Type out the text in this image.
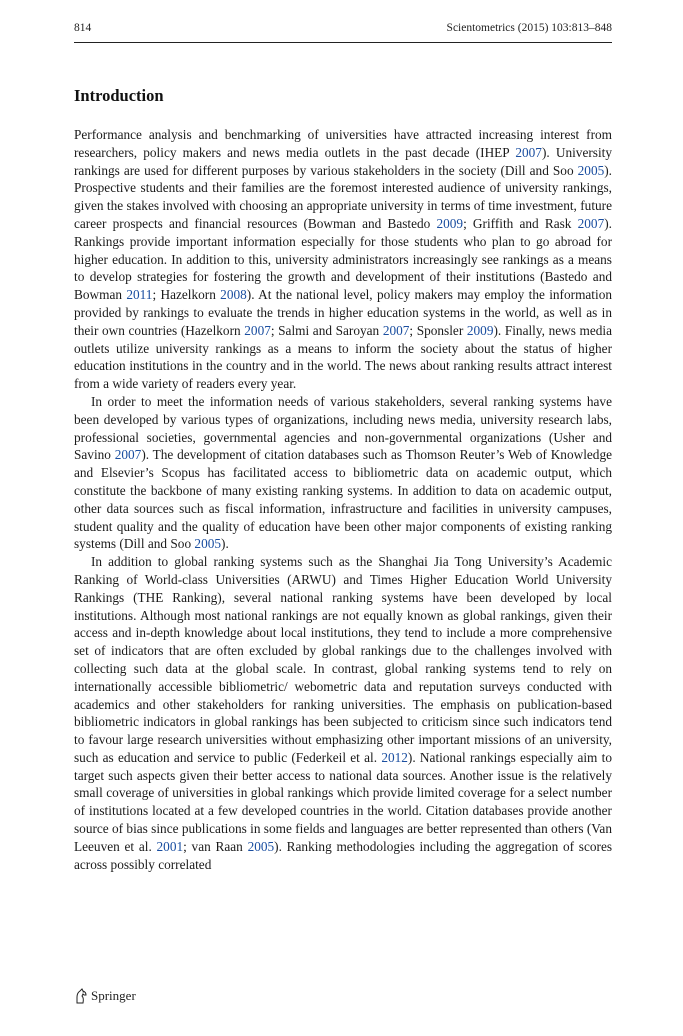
814	Scientometrics (2015) 103:813–848
Introduction

Performance analysis and benchmarking of universities have attracted increasing interest from researchers, policy makers and news media outlets in the past decade (IHEP 2007). University rankings are used for different purposes by various stakeholders in the society (Dill and Soo 2005). Prospective students and their families are the foremost interested audience of university rankings, given the stakes involved with choosing an appropriate university in terms of time investment, future career prospects and financial resources (Bowman and Bastedo 2009; Griffith and Rask 2007). Rankings provide important information especially for those students who plan to go abroad for higher education. In addition to this, university administrators increasingly see rankings as a means to develop strategies for fostering the growth and development of their institutions (Bastedo and Bowman 2011; Hazelkorn 2008). At the national level, policy makers may employ the information provided by rankings to evaluate the trends in higher education systems in the world, as well as in their own countries (Hazelkorn 2007; Salmi and Saroyan 2007; Sponsler 2009). Finally, news media outlets utilize university rankings as a means to inform the society about the status of higher education institutions in the country and in the world. The news about ranking results attract interest from a wide variety of readers every year.

In order to meet the information needs of various stakeholders, several ranking systems have been developed by various types of organizations, including news media, university research labs, professional societies, governmental agencies and non-governmental organizations (Usher and Savino 2007). The development of citation databases such as Thomson Reuter’s Web of Knowledge and Elsevier’s Scopus has facilitated access to bibliometric data on academic output, which constitute the backbone of many existing ranking systems. In addition to data on academic output, other data sources such as fiscal information, infrastructure and facilities in university campuses, student quality and the quality of education have been other major components of existing ranking systems (Dill and Soo 2005).

In addition to global ranking systems such as the Shanghai Jia Tong University’s Academic Ranking of World-class Universities (ARWU) and Times Higher Education World University Rankings (THE Ranking), several national ranking systems have been developed by local institutions. Although most national rankings are not equally known as global rankings, given their access and in-depth knowledge about local institutions, they tend to include a more comprehensive set of indicators that are often excluded by global rankings due to the challenges involved with collecting such data at the global scale. In contrast, global ranking systems tend to rely on internationally accessible bibliometric/ webometric data and reputation surveys conducted with academics and other stakeholders for ranking universities. The emphasis on publication-based bibliometric indicators in global rankings has been subjected to criticism since such indicators tend to favour large research universities without emphasizing other important missions of an university, such as education and service to public (Federkeil et al. 2012). National rankings especially aim to target such aspects given their better access to national data sources. Another issue is the relatively small coverage of universities in global rankings which provide limited coverage for a select number of institutions located at a few developed countries in the world. Citation databases provide another source of bias since publications in some fields and languages are better represented than others (Van Leeuven et al. 2001; van Raan 2005). Ranking methodologies including the aggregation of scores across possibly correlated

Springer
